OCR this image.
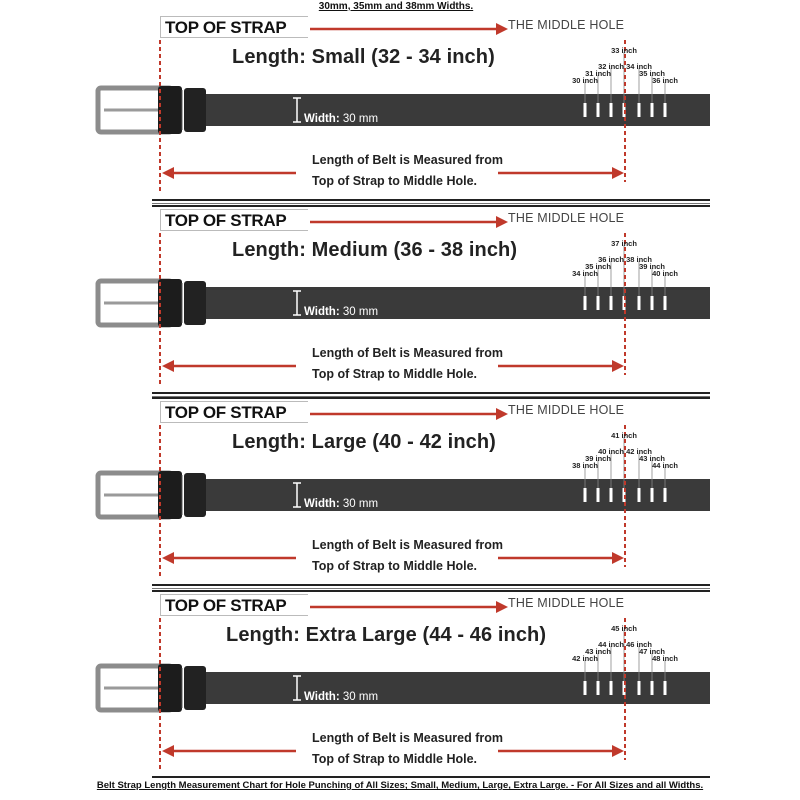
30mm, 35mm and 38mm Widths.
TOP OF STRAP	THE MIDDLE HOLE
Length: Small (32 - 34 inch)
Length of Belt is Measured from
Top of Strap to Middle Hole.
Width: 30 mm
30 inch
31 inch
32 inch
33 inch
34 inch
35 inch
36 inch
TOP OF STRAP	THE MIDDLE HOLE
Length: Medium (36 - 38 inch)
Length of Belt is Measured from
Top of Strap to Middle Hole.
Width: 30 mm
34 inch
35 inch
36 inch
37 inch
38 inch
39 inch
40 inch
TOP OF STRAP	THE MIDDLE HOLE
Length: Large (40 - 42 inch)
Length of Belt is Measured from
Top of Strap to Middle Hole.
Width: 30 mm
38 inch
39 inch
40 inch
41 inch
42 inch
43 inch
44 inch
TOP OF STRAP	THE MIDDLE HOLE
Length: Extra Large (44 - 46 inch)
Length of Belt is Measured from
Top of Strap to Middle Hole.
Width: 30 mm
42 inch
43 inch
44 inch
45 inch
46 inch
47 inch
48 inch
Belt Strap Length Measurement Chart for Hole Punching of All Sizes; Small, Medium, Large, Extra Large. - For All Sizes and all Widths.
